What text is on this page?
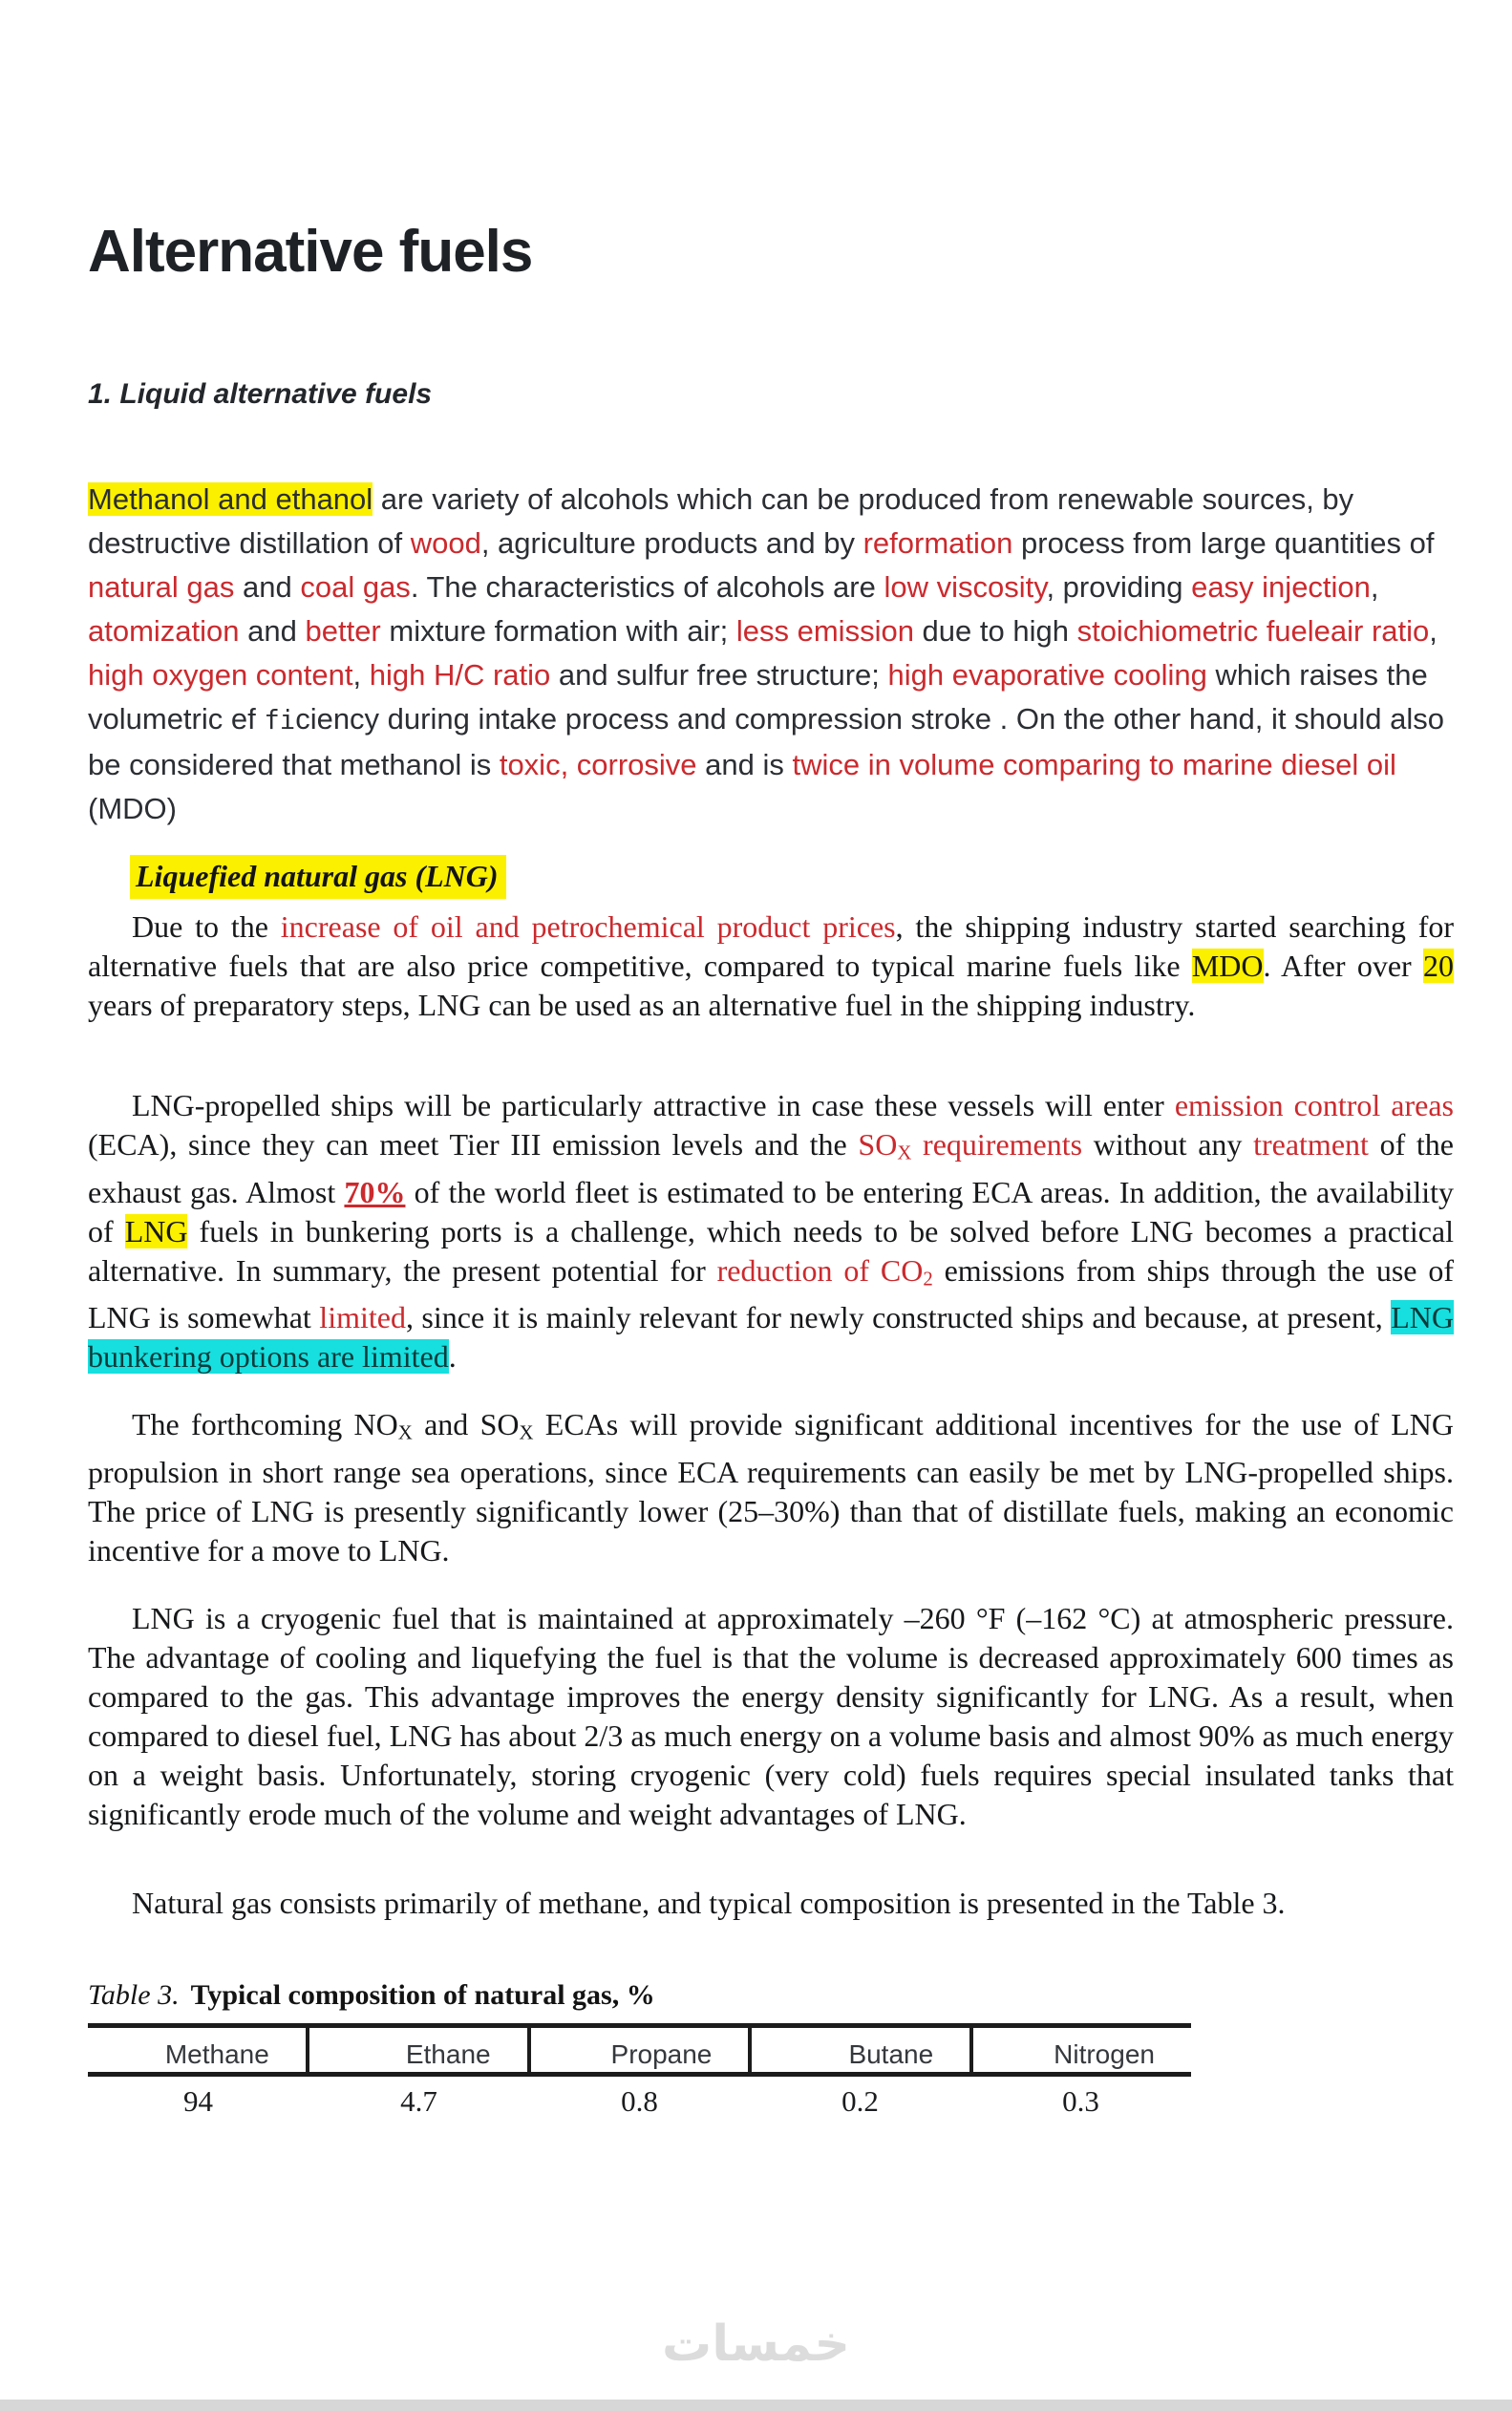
Alternative fuels
1. Liquid alternative fuels

Methanol and ethanol are variety of alcohols which can be produced from renewable sources, by destructive distillation of wood, agriculture products and by reformation process from large quantities of natural gas and coal gas. The characteristics of alcohols are low viscosity, providing easy injection, atomization and better mixture formation with air; less emission due to high stoichiometric fueleair ratio, high oxygen content, high H/C ratio and sulfur free structure; high evaporative cooling which raises the volumetric ef ficiency during intake process and compression stroke . On the other hand, it should also be considered that methanol is toxic, corrosive and is twice in volume comparing to marine diesel oil (MDO)

Liquefied natural gas (LNG)

Due to the increase of oil and petrochemical product prices, the shipping industry started searching for alternative fuels that are also price competitive, compared to typical marine fuels like MDO. After over 20 years of preparatory steps, LNG can be used as an alternative fuel in the shipping industry.

LNG-propelled ships will be particularly attractive in case these vessels will enter emission control areas (ECA), since they can meet Tier III emission levels and the $SO_X$ requirements without any treatment of the exhaust gas. Almost 70% of the world fleet is estimated to be entering ECA areas. In addition, the availability of LNG fuels in bunkering ports is a challenge, which needs to be solved before LNG becomes a practical alternative. In summary, the present potential for reduction of $CO_2$ emissions from ships through the use of LNG is somewhat limited, since it is mainly relevant for newly constructed ships and because, at present, LNG bunkering options are limited.

The forthcoming $NO_X$ and $SO_X$ ECAs will provide significant additional incentives for the use of LNG propulsion in short range sea operations, since ECA requirements can easily be met by LNG-propelled ships. The price of LNG is presently significantly lower (25–30%) than that of distillate fuels, making an economic incentive for a move to LNG.

LNG is a cryogenic fuel that is maintained at approximately –260 °F (–162 °C) at atmospheric pressure. The advantage of cooling and liquefying the fuel is that the volume is decreased approximately 600 times as compared to the gas. This advantage improves the energy density significantly for LNG. As a result, when compared to diesel fuel, LNG has about 2/3 as much energy on a volume basis and almost 90% as much energy on a weight basis. Unfortunately, storing cryogenic (very cold) fuels requires special insulated tanks that significantly erode much of the volume and weight advantages of LNG.

Natural gas consists primarily of methane, and typical composition is presented in the Table 3.

Table 3. Typical composition of natural gas, %
Methane	Ethane	Propane	Butane	Nitrogen
94	4.7	0.8	0.2	0.3
خمسات
